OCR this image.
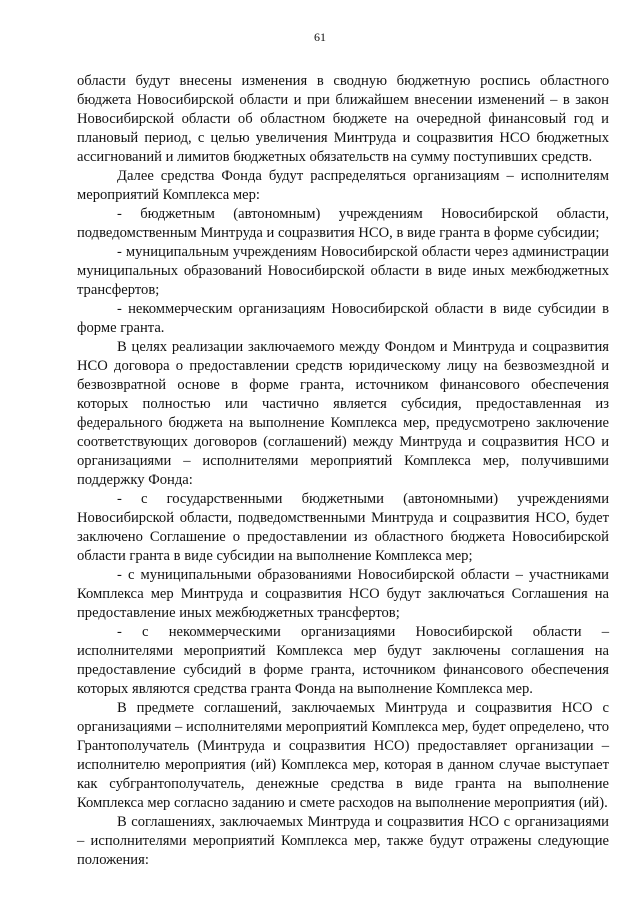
61

области будут внесены изменения в сводную бюджетную роспись областного бюджета Новосибирской области и при ближайшем внесении изменений – в закон Новосибирской области об областном бюджете на очередной финансовый год и плановый период, с целью увеличения Минтруда и соцразвития НСО бюджетных ассигнований и лимитов бюджетных обязательств на сумму поступивших средств.

Далее средства Фонда будут распределяться организациям – исполнителям мероприятий Комплекса мер:

- бюджетным (автономным) учреждениям Новосибирской области, подведомственным Минтруда и соцразвития НСО, в виде гранта в форме субсидии;

- муниципальным учреждениям Новосибирской области через администрации муниципальных образований Новосибирской области в виде иных межбюджетных трансфертов;

- некоммерческим организациям Новосибирской области в виде субсидии в форме гранта.

В целях реализации заключаемого между Фондом и Минтруда и соцразвития НСО договора о предоставлении средств юридическому лицу на безвозмездной и безвозвратной основе в форме гранта, источником финансового обеспечения которых полностью или частично является субсидия, предоставленная из федерального бюджета на выполнение Комплекса мер, предусмотрено заключение соответствующих договоров (соглашений) между Минтруда и соцразвития НСО и организациями – исполнителями мероприятий Комплекса мер, получившими поддержку Фонда:

- с государственными бюджетными (автономными) учреждениями Новосибирской области, подведомственными Минтруда и соцразвития НСО, будет заключено Соглашение о предоставлении из областного бюджета Новосибирской области гранта в виде субсидии на выполнение Комплекса мер;

- с муниципальными образованиями Новосибирской области – участниками Комплекса мер Минтруда и соцразвития НСО будут заключаться Соглашения на предоставление иных межбюджетных трансфертов;

- с некоммерческими организациями Новосибирской области – исполнителями мероприятий Комплекса мер будут заключены соглашения на предоставление субсидий в форме гранта, источником финансового обеспечения которых являются средства гранта Фонда на выполнение Комплекса мер.

В предмете соглашений, заключаемых Минтруда и соцразвития НСО с организациями – исполнителями мероприятий Комплекса мер, будет определено, что Грантополучатель (Минтруда и соцразвития НСО) предоставляет организации – исполнителю мероприятия (ий) Комплекса мер, которая в данном случае выступает как субгрантополучатель, денежные средства в виде гранта на выполнение Комплекса мер согласно заданию и смете расходов на выполнение мероприятия (ий).

В соглашениях, заключаемых Минтруда и соцразвития НСО с организациями – исполнителями мероприятий Комплекса мер, также будут отражены следующие положения:
